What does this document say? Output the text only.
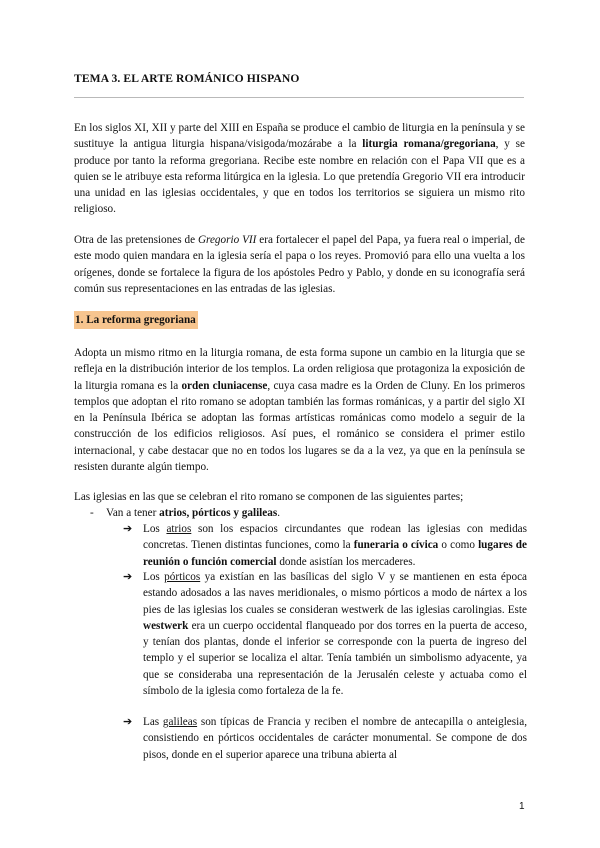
TEMA 3. EL ARTE ROMÁNICO HISPANO

En los siglos XI, XII y parte del XIII en España se produce el cambio de liturgia en la península y se sustituye la antigua liturgia hispana/visigoda/mozárabe a la liturgia romana/gregoriana, y se produce por tanto la reforma gregoriana. Recibe este nombre en relación con el Papa VII que es a quien se le atribuye esta reforma litúrgica en la iglesia. Lo que pretendía Gregorio VII era introducir una unidad en las iglesias occidentales, y que en todos los territorios se siguiera un mismo rito religioso.

Otra de las pretensiones de Gregorio VII era fortalecer el papel del Papa, ya fuera real o imperial, de este modo quien mandara en la iglesia sería el papa o los reyes. Promovió para ello una vuelta a los orígenes, donde se fortalece la figura de los apóstoles Pedro y Pablo, y donde en su iconografía será común sus representaciones en las entradas de las iglesias.

1. La reforma gregoriana

Adopta un mismo ritmo en la liturgia romana, de esta forma supone un cambio en la liturgia que se refleja en la distribución interior de los templos. La orden religiosa que protagoniza la exposición de la liturgia romana es la orden cluniacense, cuya casa madre es la Orden de Cluny. En los primeros templos que adoptan el rito romano se adoptan también las formas románicas, y a partir del siglo XI en la Península Ibérica se adoptan las formas artísticas románicas como modelo a seguir de la construcción de los edificios religiosos. Así pues, el románico se considera el primer estilo internacional, y cabe destacar que no en todos los lugares se da a la vez, ya que en la península se resisten durante algún tiempo.

Las iglesias en las que se celebran el rito romano se componen de las siguientes partes;

- Van a tener atrios, pórticos y galileas.
➔ Los atrios son los espacios circundantes que rodean las iglesias con medidas concretas. Tienen distintas funciones, como la funeraria o cívica o como lugares de reunión o función comercial donde asistían los mercaderes.

➔ Los pórticos ya existían en las basílicas del siglo V y se mantienen en esta época estando adosados a las naves meridionales, o mismo pórticos a modo de nártex a los pies de las iglesias los cuales se consideran westwerk de las iglesias carolingias. Este westwerk era un cuerpo occidental flanqueado por dos torres en la puerta de acceso, y tenían dos plantas, donde el inferior se corresponde con la puerta de ingreso del templo y el superior se localiza el altar. Tenía también un simbolismo adyacente, ya que se consideraba una representación de la Jerusalén celeste y actuaba como el símbolo de la iglesia como fortaleza de la fe.

➔ Las galileas son típicas de Francia y reciben el nombre de antecapilla o anteiglesia, consistiendo en pórticos occidentales de carácter monumental. Se compone de dos pisos, donde en el superior aparece una tribuna abierta al

1
